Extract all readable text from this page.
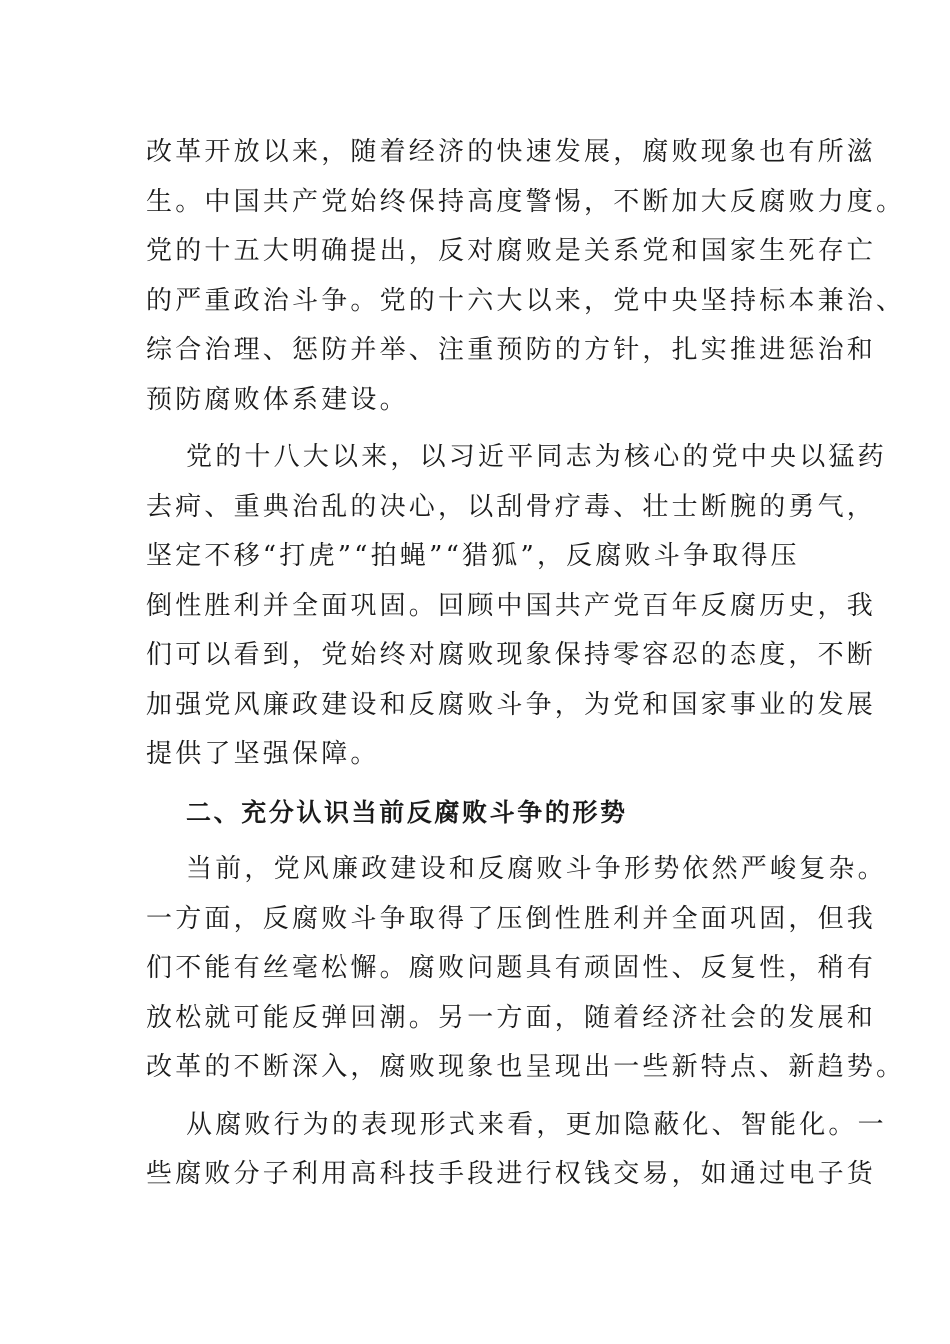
改革开放以来，随着经济的快速发展，腐败现象也有所滋
生。中国共产党始终保持高度警惕，不断加大反腐败力度。
党的十五大明确提出，反对腐败是关系党和国家生死存亡
的严重政治斗争。党的十六大以来，党中央坚持标本兼治、
综合治理、惩防并举、注重预防的方针，扎实推进惩治和
预防腐败体系建设。
党的十八大以来，以习近平同志为核心的党中央以猛药
去疴、重典治乱的决心，以刮骨疗毒、壮士断腕的勇气，
坚定不移“打虎”“拍蝇”“猎狐”，反腐败斗争取得压
倒性胜利并全面巩固。回顾中国共产党百年反腐历史，我
们可以看到，党始终对腐败现象保持零容忍的态度，不断
加强党风廉政建设和反腐败斗争，为党和国家事业的发展
提供了坚强保障。
二、充分认识当前反腐败斗争的形势
当前，党风廉政建设和反腐败斗争形势依然严峻复杂。
一方面，反腐败斗争取得了压倒性胜利并全面巩固，但我
们不能有丝毫松懈。腐败问题具有顽固性、反复性，稍有
放松就可能反弹回潮。另一方面，随着经济社会的发展和
改革的不断深入，腐败现象也呈现出一些新特点、新趋势。
从腐败行为的表现形式来看，更加隐蔽化、智能化。一
些腐败分子利用高科技手段进行权钱交易，如通过电子货
